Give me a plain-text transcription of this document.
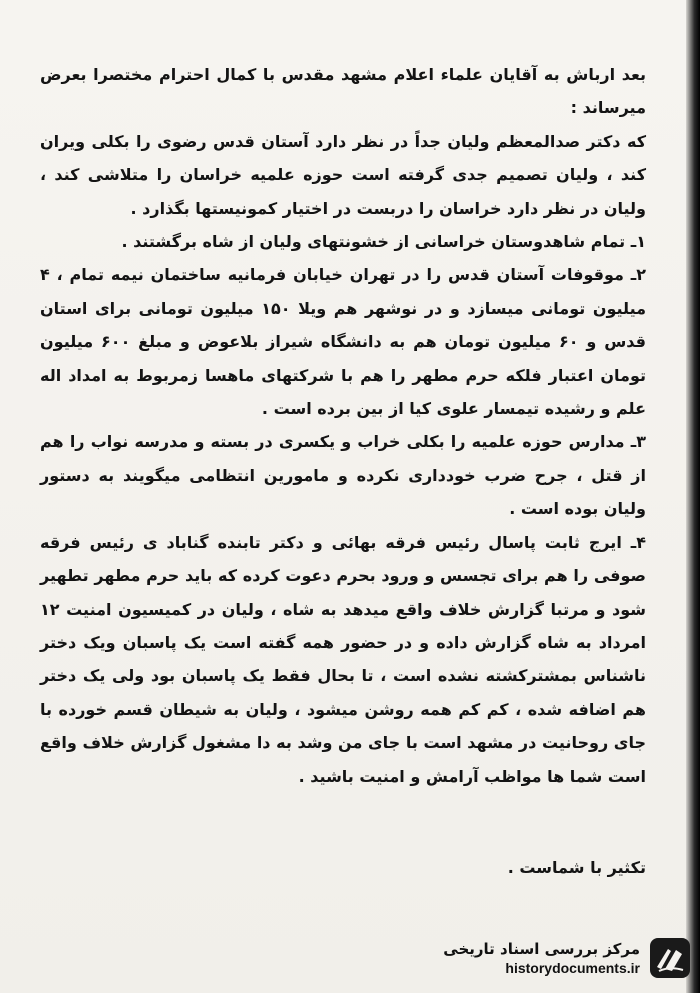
بعد ارباش به آقایان علماء اعلام مشهد مقدس با کمال احترام مختصرا بعرض میرساند :

که دکتر صدالمعظم ولیان جداً در نظر دارد آستان قدس رضوی را بکلی ویران کند ، ولیان تصمیم جدی گرفته است حوزه علمیه خراسان را متلاشی کند ، ولیان در نظر دارد خراسان را دربست در اختیار کمونیستها بگذارد .

۱ـ تمام شاهدوستان خراسانی از خشونتهای ولیان از شاه برگشتند .

۲ـ موقوفات آستان قدس را در تهران خیابان فرمانیه ساختمان نیمه تمام ، ۴ میلیون تومانی میسازد و در نوشهر هم ویلا ۱۵۰ میلیون تومانی برای استان قدس و ۶۰ میلیون تومان هم به دانشگاه شیراز بلاعوض و مبلغ ۶۰۰ میلیون تومان اعتبار فلکه حرم مطهر را هم با شرکتهای ماهسا زمربوط به امداد اله علم و رشیده تیمسار علوی کیا از بین برده است .

۳ـ مدارس حوزه علمیه را بکلی خراب و یکسری در بسته و مدرسه نواب را هم از قتل ، جرح ضرب خودداری نکرده و مامورین انتظامی میگویند به دستور ولیان بوده است .

۴ـ ایرج ثابت پاسال رئیس فرقه بهائی و دکتر تابنده گناباد ی رئیس فرقه صوفی را هم برای تجسس و ورود بحرم دعوت کرده که باید حرم مطهر تطهیر شود و مرتبا گزارش خلاف واقع میدهد به شاه ، ولیان در کمیسیون امنیت ۱۲ امرداد به شاه گزارش داده و در حضور همه گفته است یک پاسبان ویک دختر ناشناس بمشترکشته نشده است ، تا بحال فقط یک پاسبان بود ولی یک دختر هم اضافه شده ، کم کم همه روشن میشود ، ولیان به شیطان قسم خورده با جای روحانیت در مشهد است با جای من وشد به دا مشغول گزارش خلاف واقع است شما ها مواظب آرامش و امنیت باشید .

تکثیر با شماست .
مرکز بررسی اسناد تاریخی
historydocuments.ir
